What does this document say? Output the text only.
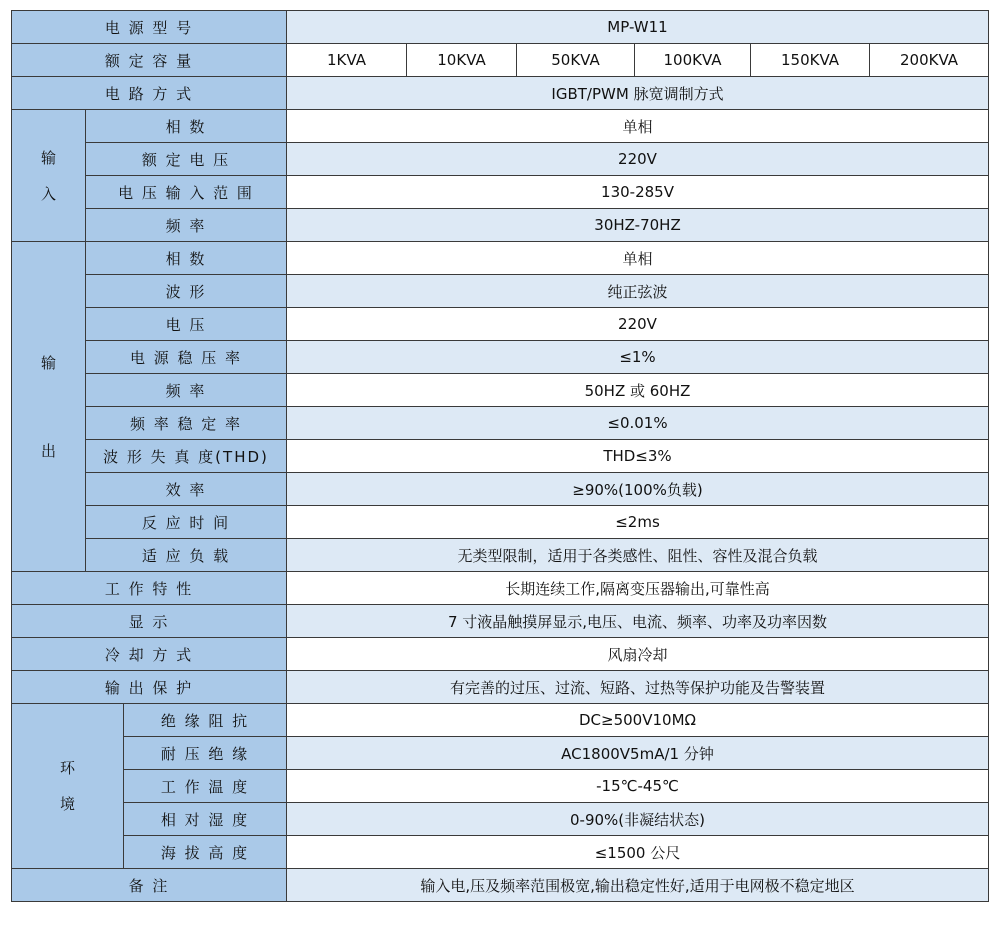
电 源 型 号			MP-W11					
额 定 容 量			1KVA	10KVA	50KVA	100KVA	150KVA	200KVA
电 路 方 式			IGBT/PWM 脉宽调制方式					

输
入	相 数		单相					
	额 定 电 压		220V					
	电 压 输 入 范 围		130-285V					
	频 率		30HZ-70HZ					

输
出	相 数		单相					
	波 形		纯正弦波					
	电 压		220V					
	电 源 稳 压 率		≤1%					
	频 率		50HZ 或 60HZ					
	频 率 稳 定 率		≤0.01%					
	波 形 失 真 度(THD)		THD≤3%					
	效 率		≥90%(100%负载)					
	反 应 时 间		≤2ms					
	适 应 负 载		无类型限制，适用于各类感性、阻性、容性及混合负载					
工 作 特 性			长期连续工作,隔离变压器输出,可靠性高					
显 示			7 寸液晶触摸屏显示,电压、电流、频率、功率及功率因数					
冷 却 方 式			风扇冷却					
输 出 保 护			有完善的过压、过流、短路、过热等保护功能及告警装置					

环
境		绝 缘 阻 抗	DC≥500V10MΩ					
		耐 压 绝 缘	AC1800V5mA/1 分钟					
		工 作 温 度	-15℃-45℃					
		相 对 湿 度	0-90%(非凝结状态)					
		海 拔 高 度	≤1500 公尺					
备 注			输入电,压及频率范围极宽,输出稳定性好,适用于电网极不稳定地区					
